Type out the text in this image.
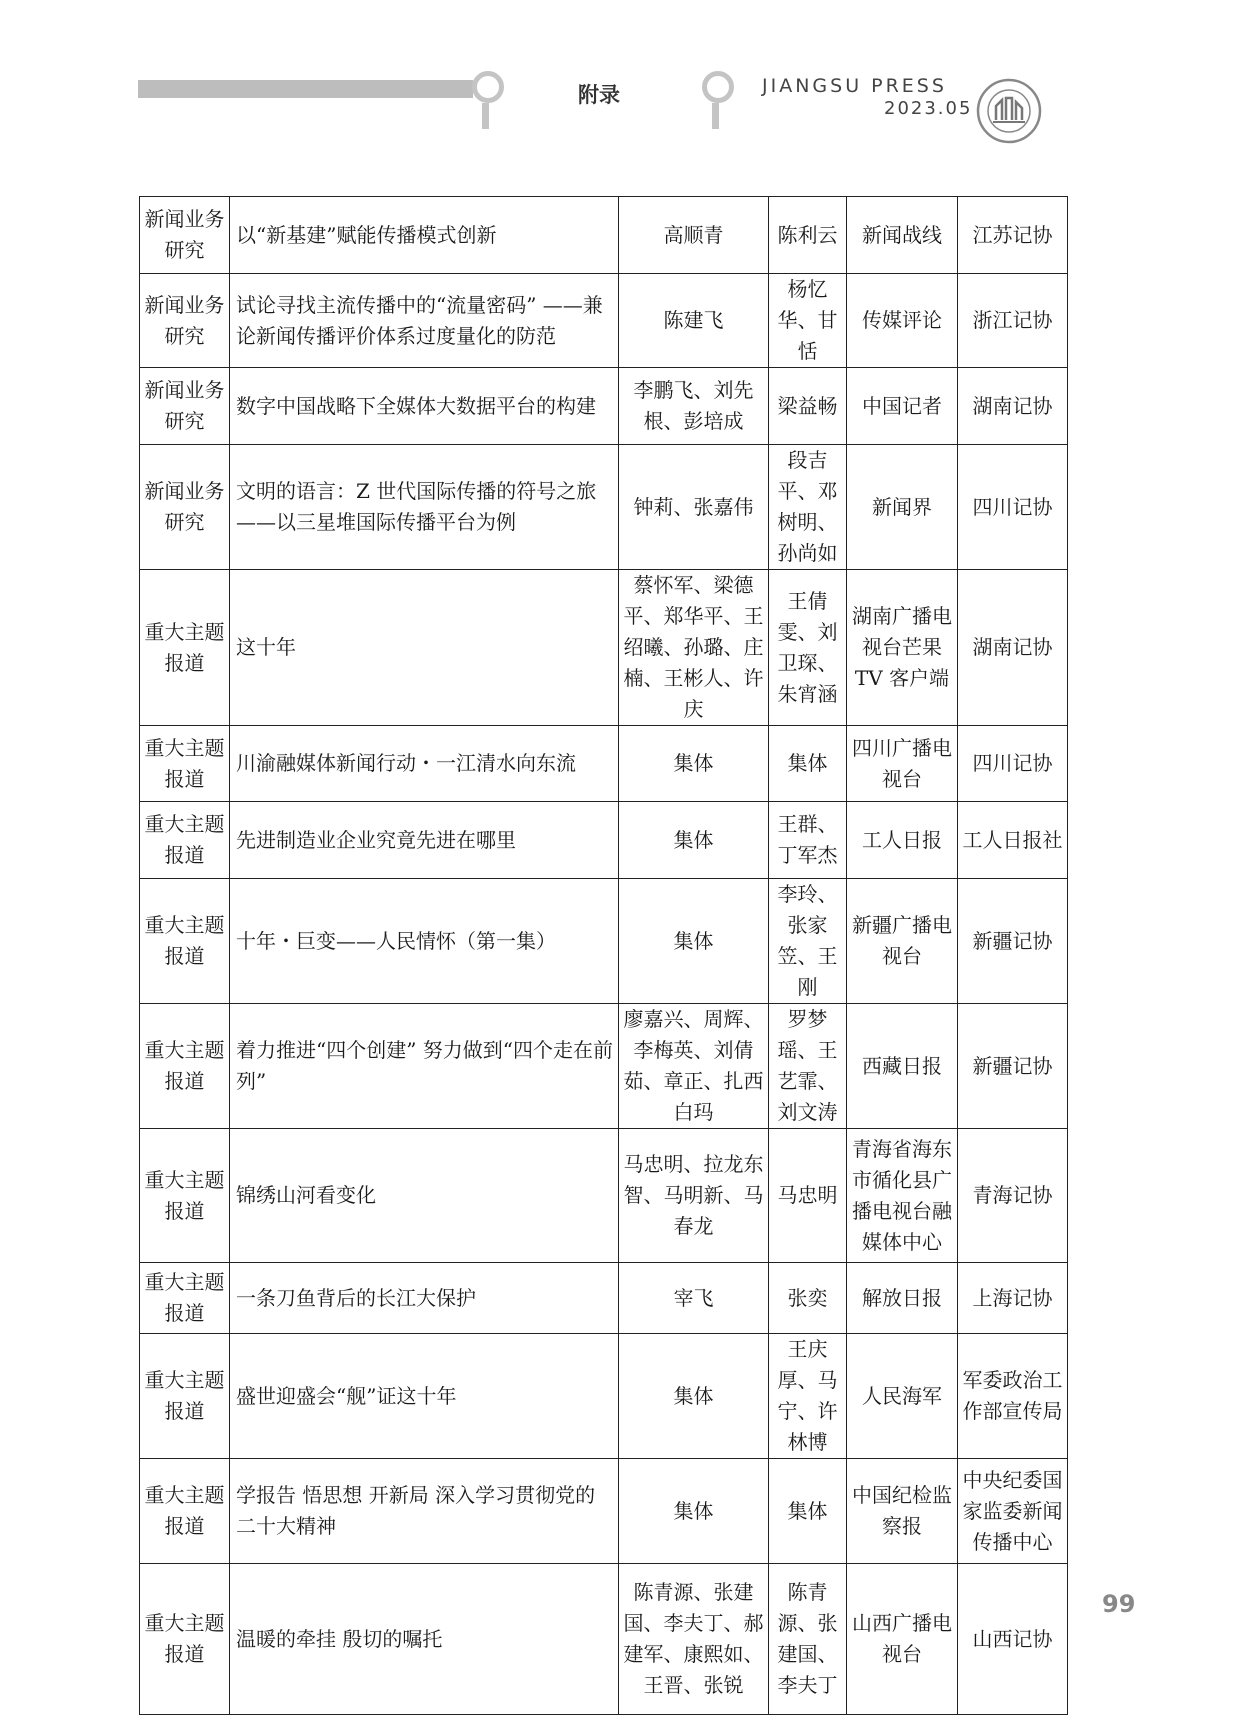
附录	JIANGSU PRESS
2023.05
新闻业务研究	以“新基建”赋能传播模式创新	高顺青	陈利云	新闻战线	江苏记协
新闻业务研究	试论寻找主流传播中的“流量密码” ——兼论新闻传播评价体系过度量化的防范	陈建飞	杨忆华、甘恬	传媒评论	浙江记协
新闻业务研究	数字中国战略下全媒体大数据平台的构建	李鹏飞、刘先根、彭培成	梁益畅	中国记者	湖南记协
新闻业务研究	文明的语言：Z 世代国际传播的符号之旅——以三星堆国际传播平台为例	钟莉、张嘉伟	段吉平、邓树明、孙尚如	新闻界	四川记协
重大主题报道	这十年	蔡怀军、梁德平、郑华平、王绍曦、孙璐、庄楠、王彬人、许庆	王倩雯、刘卫琛、朱宵涵	湖南广播电视台芒果 TV 客户端	湖南记协
重大主题报道	川渝融媒体新闻行动・一江清水向东流	集体	集体	四川广播电视台	四川记协
重大主题报道	先进制造业企业究竟先进在哪里	集体	王群、丁军杰	工人日报	工人日报社
重大主题报道	十年・巨变——人民情怀（第一集）	集体	李玲、张家笠、王刚	新疆广播电视台	新疆记协
重大主题报道	着力推进“四个创建” 努力做到“四个走在前列”	廖嘉兴、周辉、李梅英、刘倩茹、章正、扎西白玛	罗梦瑶、王艺霏、刘文涛	西藏日报	新疆记协
重大主题报道	锦绣山河看变化	马忠明、拉龙东智、马明新、马春龙	马忠明	青海省海东市循化县广播电视台融媒体中心	青海记协
重大主题报道	一条刀鱼背后的长江大保护	宰飞	张奕	解放日报	上海记协
重大主题报道	盛世迎盛会“舰”证这十年	集体	王庆厚、马宁、许林博	人民海军	军委政治工作部宣传局
重大主题报道	学报告 悟思想 开新局 深入学习贯彻党的二十大精神	集体	集体	中国纪检监察报	中央纪委国家监委新闻传播中心
重大主题报道	温暖的牵挂 殷切的嘱托	陈青源、张建国、李夫丁、郝建军、康熙如、王晋、张锐	陈青源、张建国、李夫丁	山西广播电视台	山西记协
99
